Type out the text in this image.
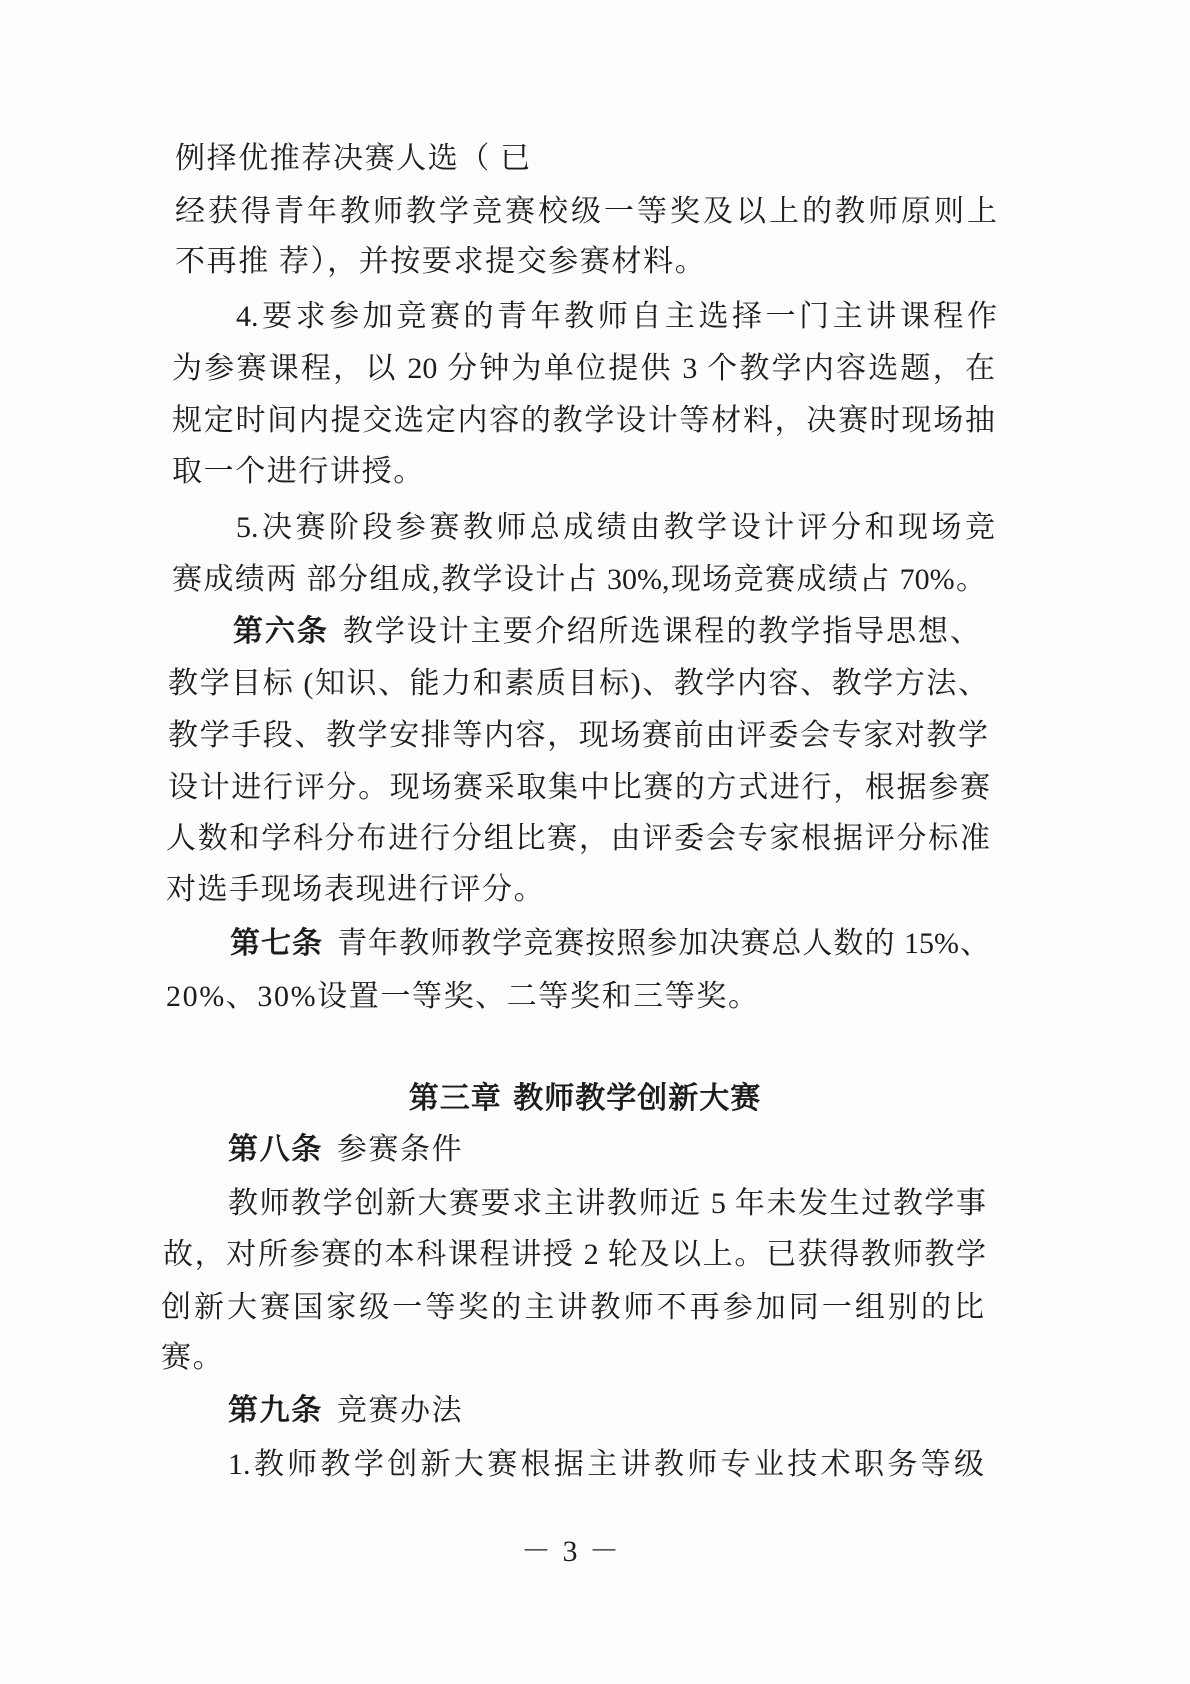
例择优推荐决赛人选（ 已
经获得青年教师教学竞赛校级一等奖及以上的教师原则上
不再推 荐），并按要求提交参赛材料。
4.要求参加竞赛的青年教师自主选择一门主讲课程作
为参赛课程，以 20 分钟为单位提供 3 个教学内容选题，在
规定时间内提交选定内容的教学设计等材料，决赛时现场抽
取一个进行讲授。
5.决赛阶段参赛教师总成绩由教学设计评分和现场竞
赛成绩两 部分组成,教学设计占 30%,现场竞赛成绩占 70%。
第六条 教学设计主要介绍所选课程的教学指导思想、
教学目标 (知识、能力和素质目标)、教学内容、教学方法、
教学手段、教学安排等内容，现场赛前由评委会专家对教学
设计进行评分。现场赛采取集中比赛的方式进行，根据参赛
人数和学科分布进行分组比赛，由评委会专家根据评分标准
对选手现场表现进行评分。
第七条 青年教师教学竞赛按照参加决赛总人数的 15%、
20%、30%设置一等奖、二等奖和三等奖。
第三章 教师教学创新大赛
第八条 参赛条件
教师教学创新大赛要求主讲教师近 5 年未发生过教学事
故，对所参赛的本科课程讲授 2 轮及以上。已获得教师教学
创新大赛国家级一等奖的主讲教师不再参加同一组别的比
赛。
第九条 竞赛办法
1.教师教学创新大赛根据主讲教师专业技术职务等级
－ 3 －
